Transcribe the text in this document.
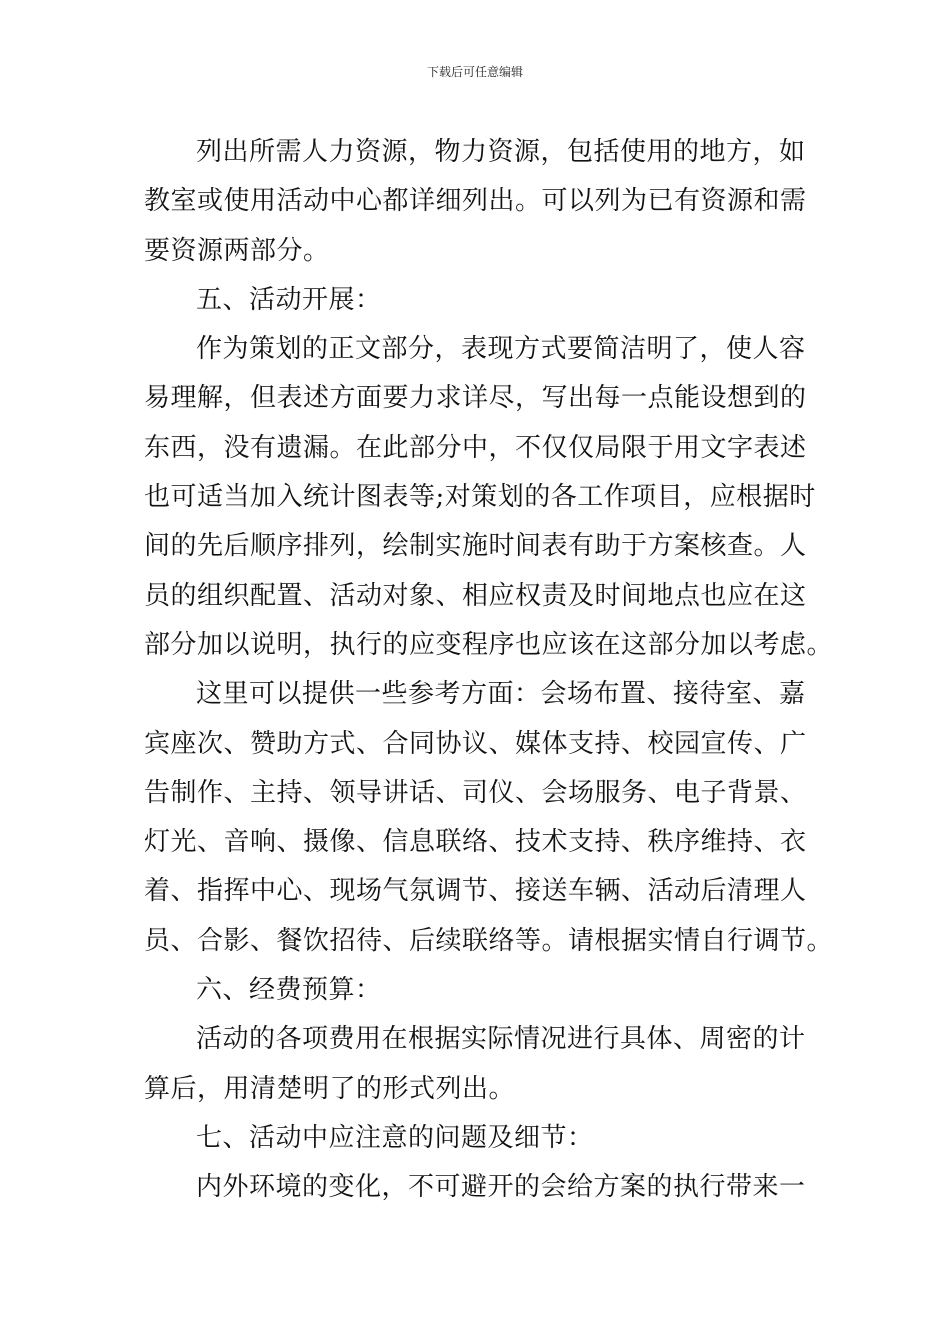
下载后可任意编辑
列出所需人力资源，物力资源，包括使用的地方，如
教室或使用活动中心都详细列出。可以列为已有资源和需
要资源两部分。
五、活动开展：
作为策划的正文部分，表现方式要简洁明了，使人容
易理解，但表述方面要力求详尽，写出每一点能设想到的
东西，没有遗漏。在此部分中，不仅仅局限于用文字表述
也可适当加入统计图表等;对策划的各工作项目，应根据时
间的先后顺序排列，绘制实施时间表有助于方案核查。人
员的组织配置、活动对象、相应权责及时间地点也应在这
部分加以说明，执行的应变程序也应该在这部分加以考虑。
这里可以提供一些参考方面：会场布置、接待室、嘉
宾座次、赞助方式、合同协议、媒体支持、校园宣传、广
告制作、主持、领导讲话、司仪、会场服务、电子背景、
灯光、音响、摄像、信息联络、技术支持、秩序维持、衣
着、指挥中心、现场气氛调节、接送车辆、活动后清理人
员、合影、餐饮招待、后续联络等。请根据实情自行调节。
六、经费预算：
活动的各项费用在根据实际情况进行具体、周密的计
算后，用清楚明了的形式列出。
七、活动中应注意的问题及细节：
内外环境的变化，不可避开的会给方案的执行带来一
